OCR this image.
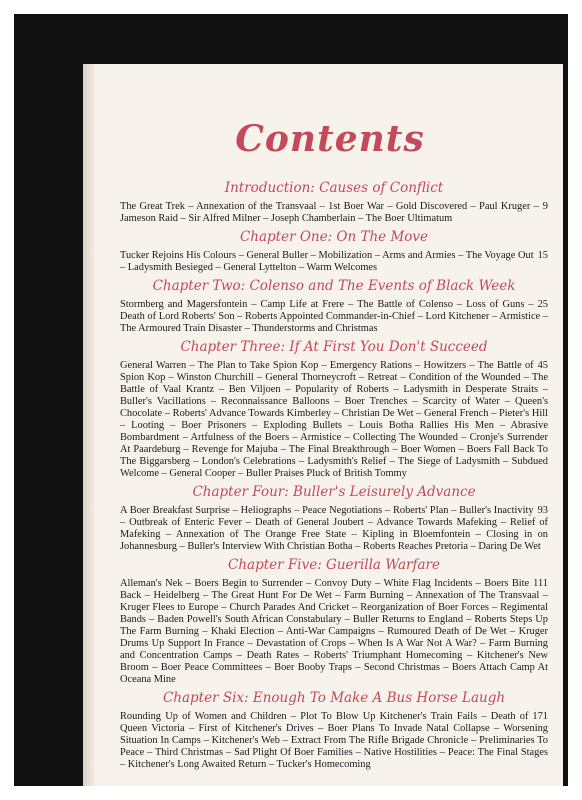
Contents
Introduction: Causes of Conflict
9
The Great Trek – Annexation of the Transvaal – 1st Boer War – Gold Discovered – Paul Kruger – Jameson Raid – Sir Alfred Milner – Joseph Chamberlain – The Boer Ultimatum
Chapter One: On The Move
15
Tucker Rejoins His Colours – General Buller – Mobilization – Arms and Armies – The Voyage Out – Ladysmith Besieged – General Lyttelton – Warm Welcomes
Chapter Two: Colenso and The Events of Black Week
25
Stormberg and Magersfontein – Camp Life at Frere – The Battle of Colenso – Loss of Guns – Death of Lord Roberts' Son – Roberts Appointed Commander-in-Chief – Lord Kitchener – Armistice – The Armoured Train Disaster – Thunderstorms and Christmas
Chapter Three: If At First You Don't Succeed
45
General Warren – The Plan to Take Spion Kop – Emergency Rations – Howitzers – The Battle of Spion Kop – Winston Churchill – General Thorneycroft – Retreat – Condition of the Wounded – The Battle of Vaal Krantz – Ben Viljoen – Popularity of Roberts – Ladysmith in Desperate Straits – Buller's Vacillations – Reconnaissance Balloons – Boer Trenches – Scarcity of Water – Queen's Chocolate – Roberts' Advance Towards Kimberley – Christian De Wet – General French – Pieter's Hill – Looting – Boer Prisoners – Exploding Bullets – Louis Botha Rallies His Men – Abrasive Bombardment – Artfulness of the Boers – Armistice – Collecting The Wounded – Cronje's Surrender At Paardeburg – Revenge for Majuba – The Final Breakthrough – Boer Women – Boers Fall Back To The Biggarsberg – London's Celebrations – Ladysmith's Relief – The Siege of Ladysmith – Subdued Welcome – General Cooper – Buller Praises Pluck of British Tommy
Chapter Four: Buller's Leisurely Advance
93
A Boer Breakfast Surprise – Heliographs – Peace Negotiations – Roberts' Plan – Buller's Inactivity – Outbreak of Enteric Fever – Death of General Joubert – Advance Towards Mafeking – Relief of Mafeking – Annexation of The Orange Free State – Kipling in Bloemfontein – Closing in on Johannesburg – Buller's Interview With Christian Botha – Roberts Reaches Pretoria – Daring De Wet
Chapter Five: Guerilla Warfare
111
Alleman's Nek – Boers Begin to Surrender – Convoy Duty – White Flag Incidents – Boers Bite Back – Heidelberg – The Great Hunt For De Wet – Farm Burning – Annexation of The Transvaal – Kruger Flees to Europe – Church Parades And Cricket – Reorganization of Boer Forces – Regimental Bands – Baden Powell's South African Constabulary – Buller Returns to England – Roberts Steps Up The Farm Burning – Khaki Election – Anti-War Campaigns – Rumoured Death of De Wet – Kruger Drums Up Support In France – Devastation of Crops – When Is A War Not A War? – Farm Burning and Concentration Camps – Death Rates – Roberts' Triumphant Homecoming – Kitchener's New Broom – Boer Peace Committees – Boer Booby Traps – Second Christmas – Boers Attach Camp At Oceana Mine
Chapter Six: Enough To Make A Bus Horse Laugh
171
Rounding Up of Women and Children – Plot To Blow Up Kitchener's Train Fails – Death of Queen Victoria – First of Kitchener's Drives – Boer Plans To Invade Natal Collapse – Worsening Situation In Camps – Kitchener's Web – Extract From The Rifle Brigade Chronicle – Preliminaries To Peace – Third Christmas – Sad Plight Of Boer Families – Native Hostilities – Peace: The Final Stages – Kitchener's Long Awaited Return – Tucker's Homecoming
